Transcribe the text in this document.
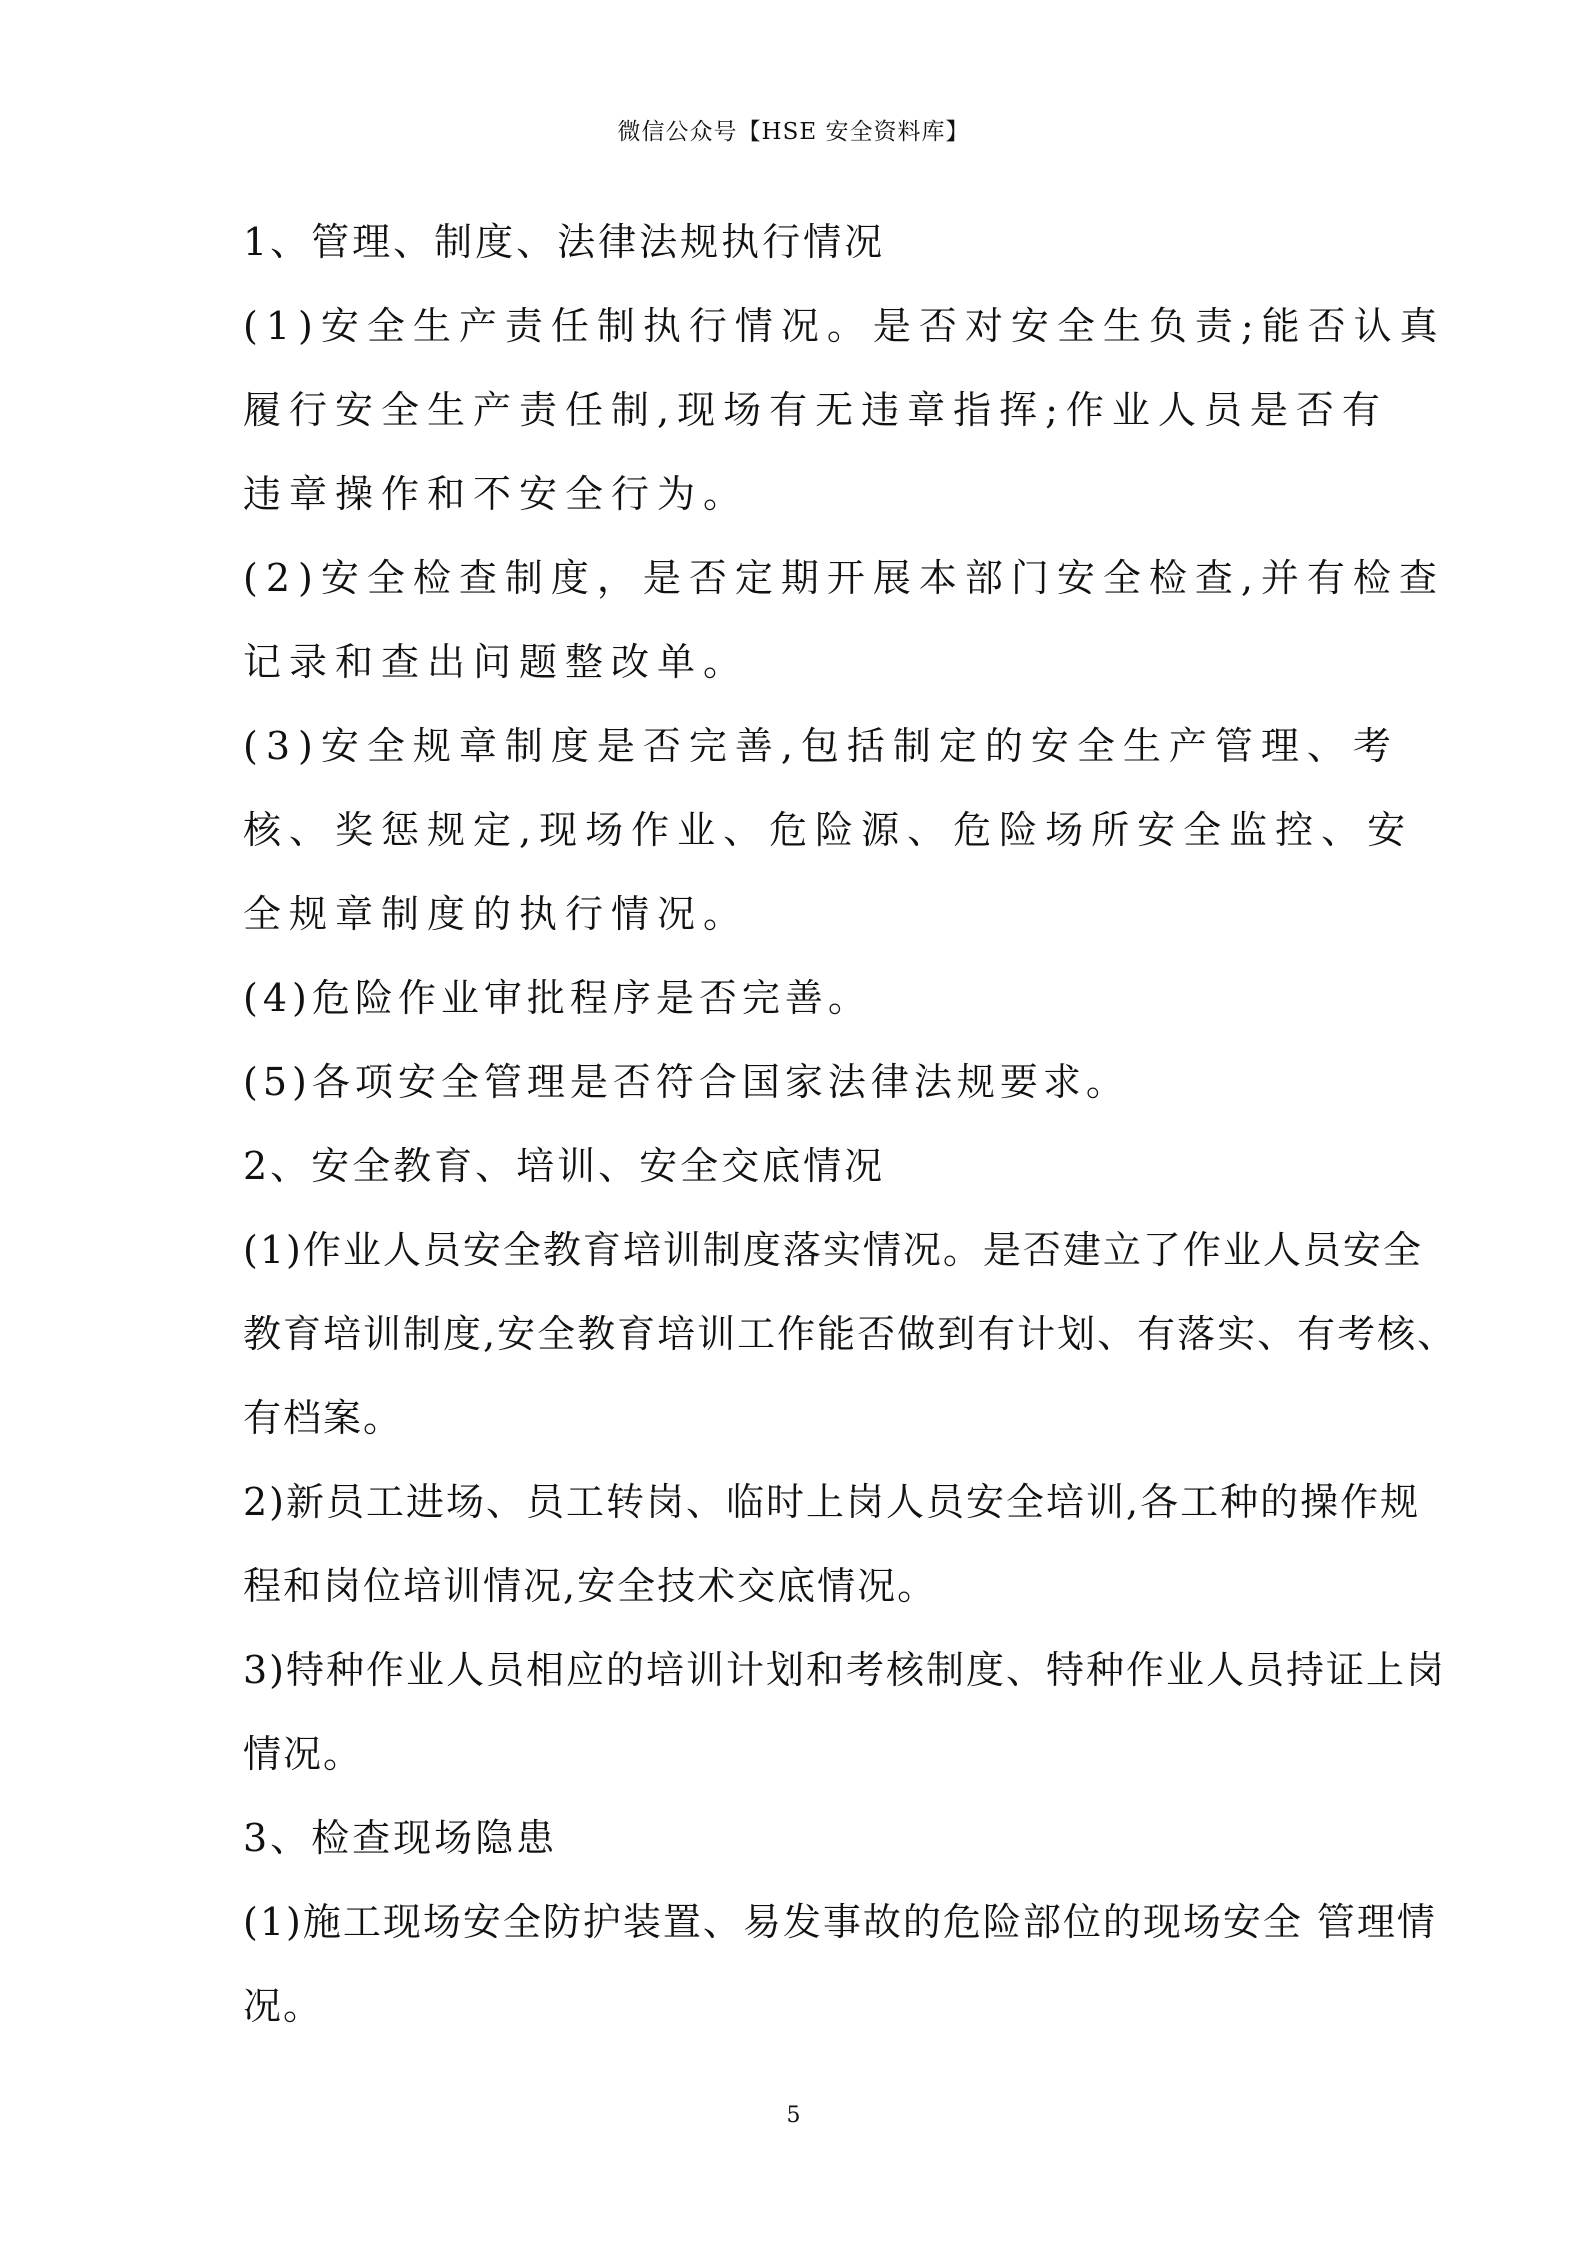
微信公众号【HSE 安全资料库】
1、管理、制度、法律法规执行情况
(1)安全生产责任制执行情况。是否对安全生负责;能否认真
履行安全生产责任制,现场有无违章指挥;作业人员是否有
违章操作和不安全行为。
(2)安全检查制度，是否定期开展本部门安全检查,并有检查
记录和查出问题整改单。
(3)安全规章制度是否完善,包括制定的安全生产管理、考
核、奖惩规定,现场作业、危险源、危险场所安全监控、安
全规章制度的执行情况。
(4)危险作业审批程序是否完善。
(5)各项安全管理是否符合国家法律法规要求。
2、安全教育、培训、安全交底情况
(1)作业人员安全教育培训制度落实情况。是否建立了作业人员安全
教育培训制度,安全教育培训工作能否做到有计划、有落实、有考核、
有档案。
2)新员工进场、员工转岗、临时上岗人员安全培训,各工种的操作规
程和岗位培训情况,安全技术交底情况。
3)特种作业人员相应的培训计划和考核制度、特种作业人员持证上岗
情况。
3、检查现场隐患
(1)施工现场安全防护装置、易发事故的危险部位的现场安全 管理情
况。
5
